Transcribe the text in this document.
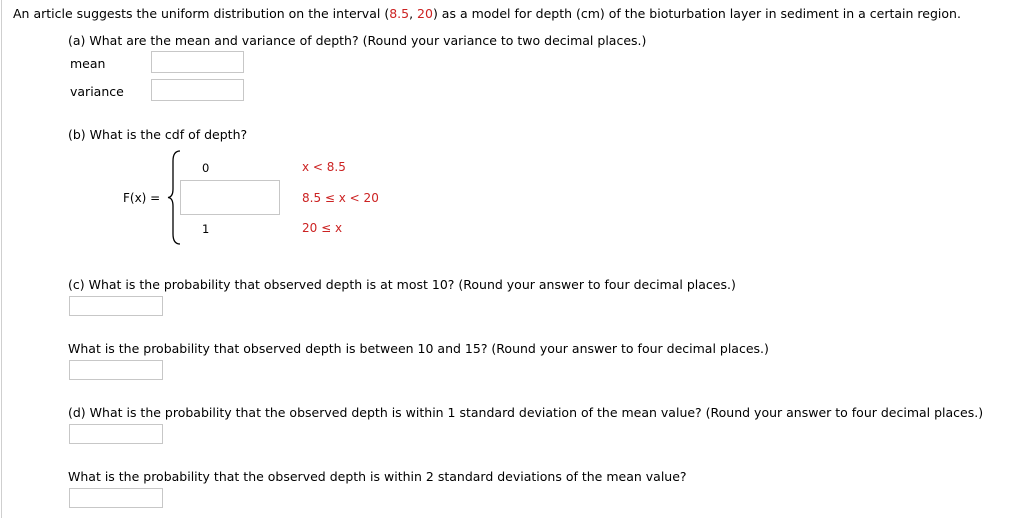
An article suggests the uniform distribution on the interval (8.5, 20) as a model for depth (cm) of the bioturbation layer in sediment in a certain region.
(a) What are the mean and variance of depth? (Round your variance to two decimal places.)
mean
variance
(b) What is the cdf of depth?
F(x) =
0	x < 8.5
8.5 ≤ x < 20
1	20 ≤ x
(c) What is the probability that observed depth is at most 10? (Round your answer to four decimal places.)
What is the probability that observed depth is between 10 and 15? (Round your answer to four decimal places.)
(d) What is the probability that the observed depth is within 1 standard deviation of the mean value? (Round your answer to four decimal places.)
What is the probability that the observed depth is within 2 standard deviations of the mean value?
